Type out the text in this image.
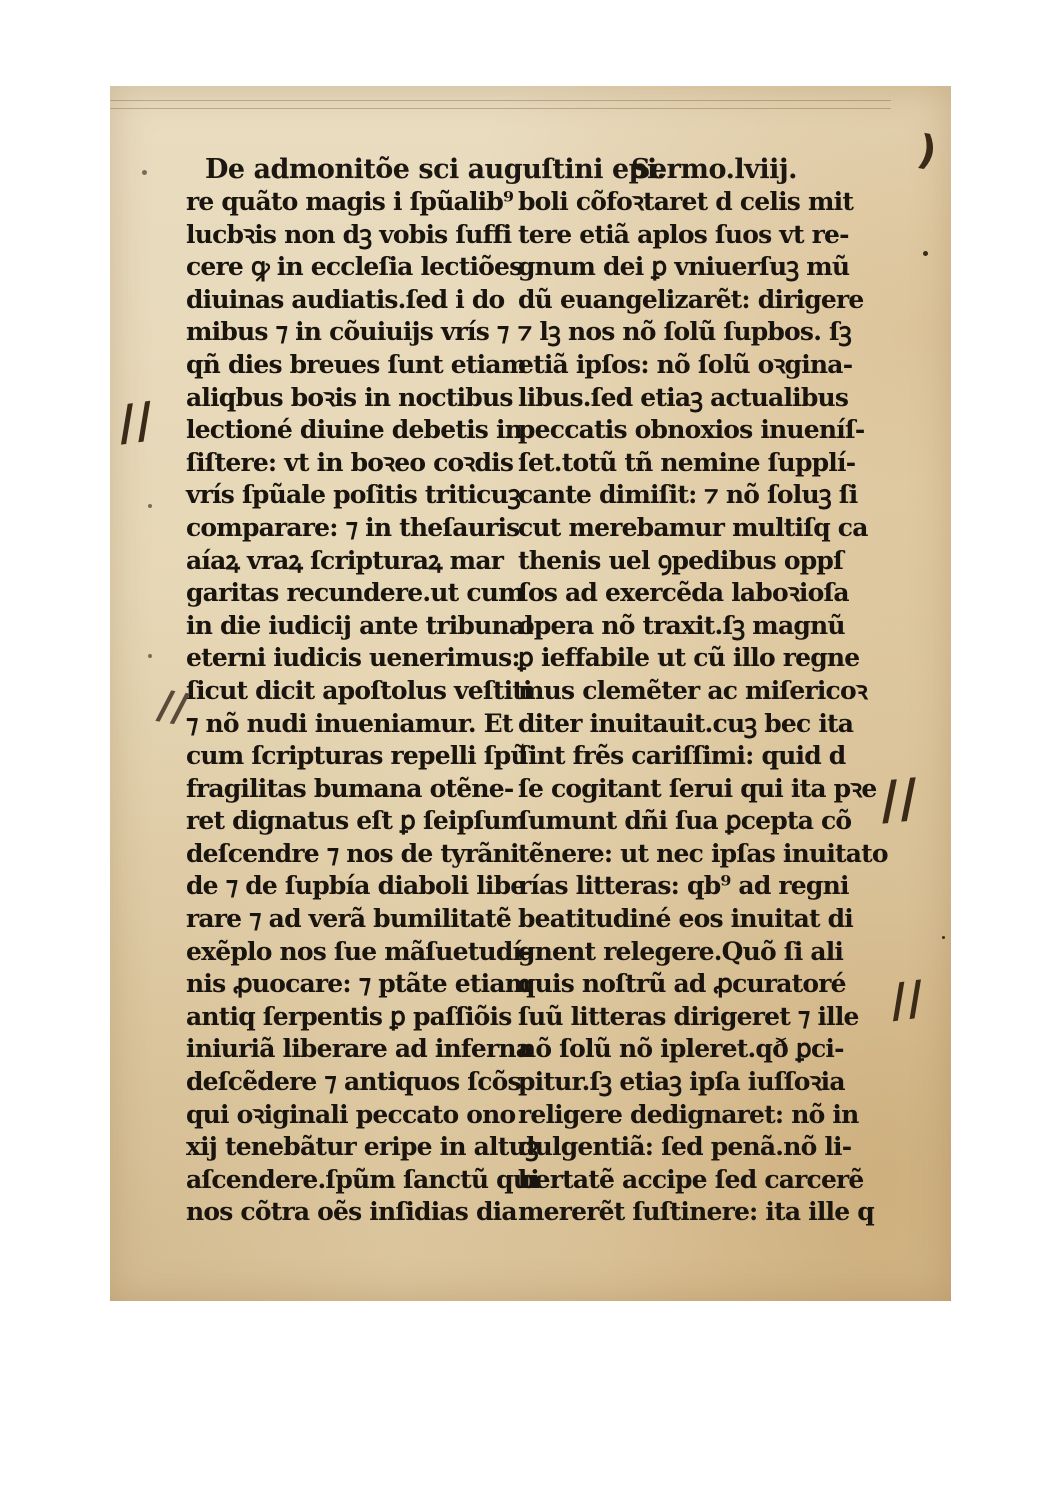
De admonitõe sci auguſtini epi.
Sermo.lviij.
re quãto magis i ſpũalib⁹
lucbꝛis non dꝫ vobis ſuffi
cere ꝙ in eccleſia lectiões
diuinas audiatis.ſed i do
mibus ⁊ in cõuiuijs vrís ⁊
qñ dies breues ſunt etiam
aliqbus boꝛis in noctibus
lectioné diuine debetis in
ſiſtere: vt in boꝛeo coꝛdis
vrís ſpũale poſitis triticuꝫ
comparare: ⁊ in theſauris
aíaꝝ vraꝝ ſcripturaꝝ mar
garitas recundere.ut cum
in die iudicij ante tribunal
eterni iudicis uenerimus:
ſicut dicit apoſtolus veſtiti
⁊ nõ nudi inueniamur. Et
cum ſcripturas repelli ſpũ
fragilitas bumana otẽne-
ret dignatus eſt ꝑ ſeipſum
deſcendre ⁊ nos de tyrãni
de ⁊ de ſupbía diaboli libe
rare ⁊ ad verã bumilitatẽ
exẽplo nos ſue mãſuetudí-
nis ꝓuocare: ⁊ ptãte etiam
antiq ſerpentis ꝑ paſſiõis
iniuriã liberare ad inferna
deſcẽdere ⁊ antiquos ſcõs
qui oꝛiginali peccato ono
xij tenebãtur eripe in altuꝫ
aſcendere.ſpũm ſanctũ qui
nos cõtra oẽs inſidias dia
boli cõfoꝛtaret d celis mit
tere etiã aplos ſuos vt re-
gnum dei ꝑ vniuerſuꝫ mũ
dũ euangelizarẽt: dirigere
⁊ lꝫ nos nõ ſolũ ſupbos. ſꝫ
etiã ipſos: nõ ſolũ oꝛgina-
libus.ſed etiaꝫ actualibus
peccatis obnoxios inueníſ-
ſet.totũ tñ nemine ſupplí-
cante dimiſit: ⁊ nõ ſoluꝫ ſi
cut merebamur multiſq ca
thenis uel ꝯpedibus oppſ
ſos ad exercẽda laboꝛioſa
opera nõ traxit.ſꝫ magnũ
ꝑ ieffabile ut cũ illo regne
mus clemẽter ac miſericoꝛ
diter inuitauit.cuꝫ bec ita
ſint frẽs cariſſimi: quid d
ſe cogitant ſerui qui ita pꝛe
ſumunt dñi ſua ꝑcepta cõ
tẽnere: ut nec ipſas inuitato
rías litteras: qb⁹ ad regni
beatitudiné eos inuitat di
gnent relegere.Quõ ſi ali
quis noſtrũ ad ꝓcuratoré
ſuũ litteras dirigeret ⁊ ille
nõ ſolũ nõ ipleret.qð ꝑci-
pitur.ſꝫ etiaꝫ ipſa iuſſoꝛia
religere dedignaret: nõ in
dulgentiã: ſed penã.nõ li-
bertatẽ accipe ſed carcerẽ
mererẽt ſuſtinere: ita ille q
//
//
//
//
)
